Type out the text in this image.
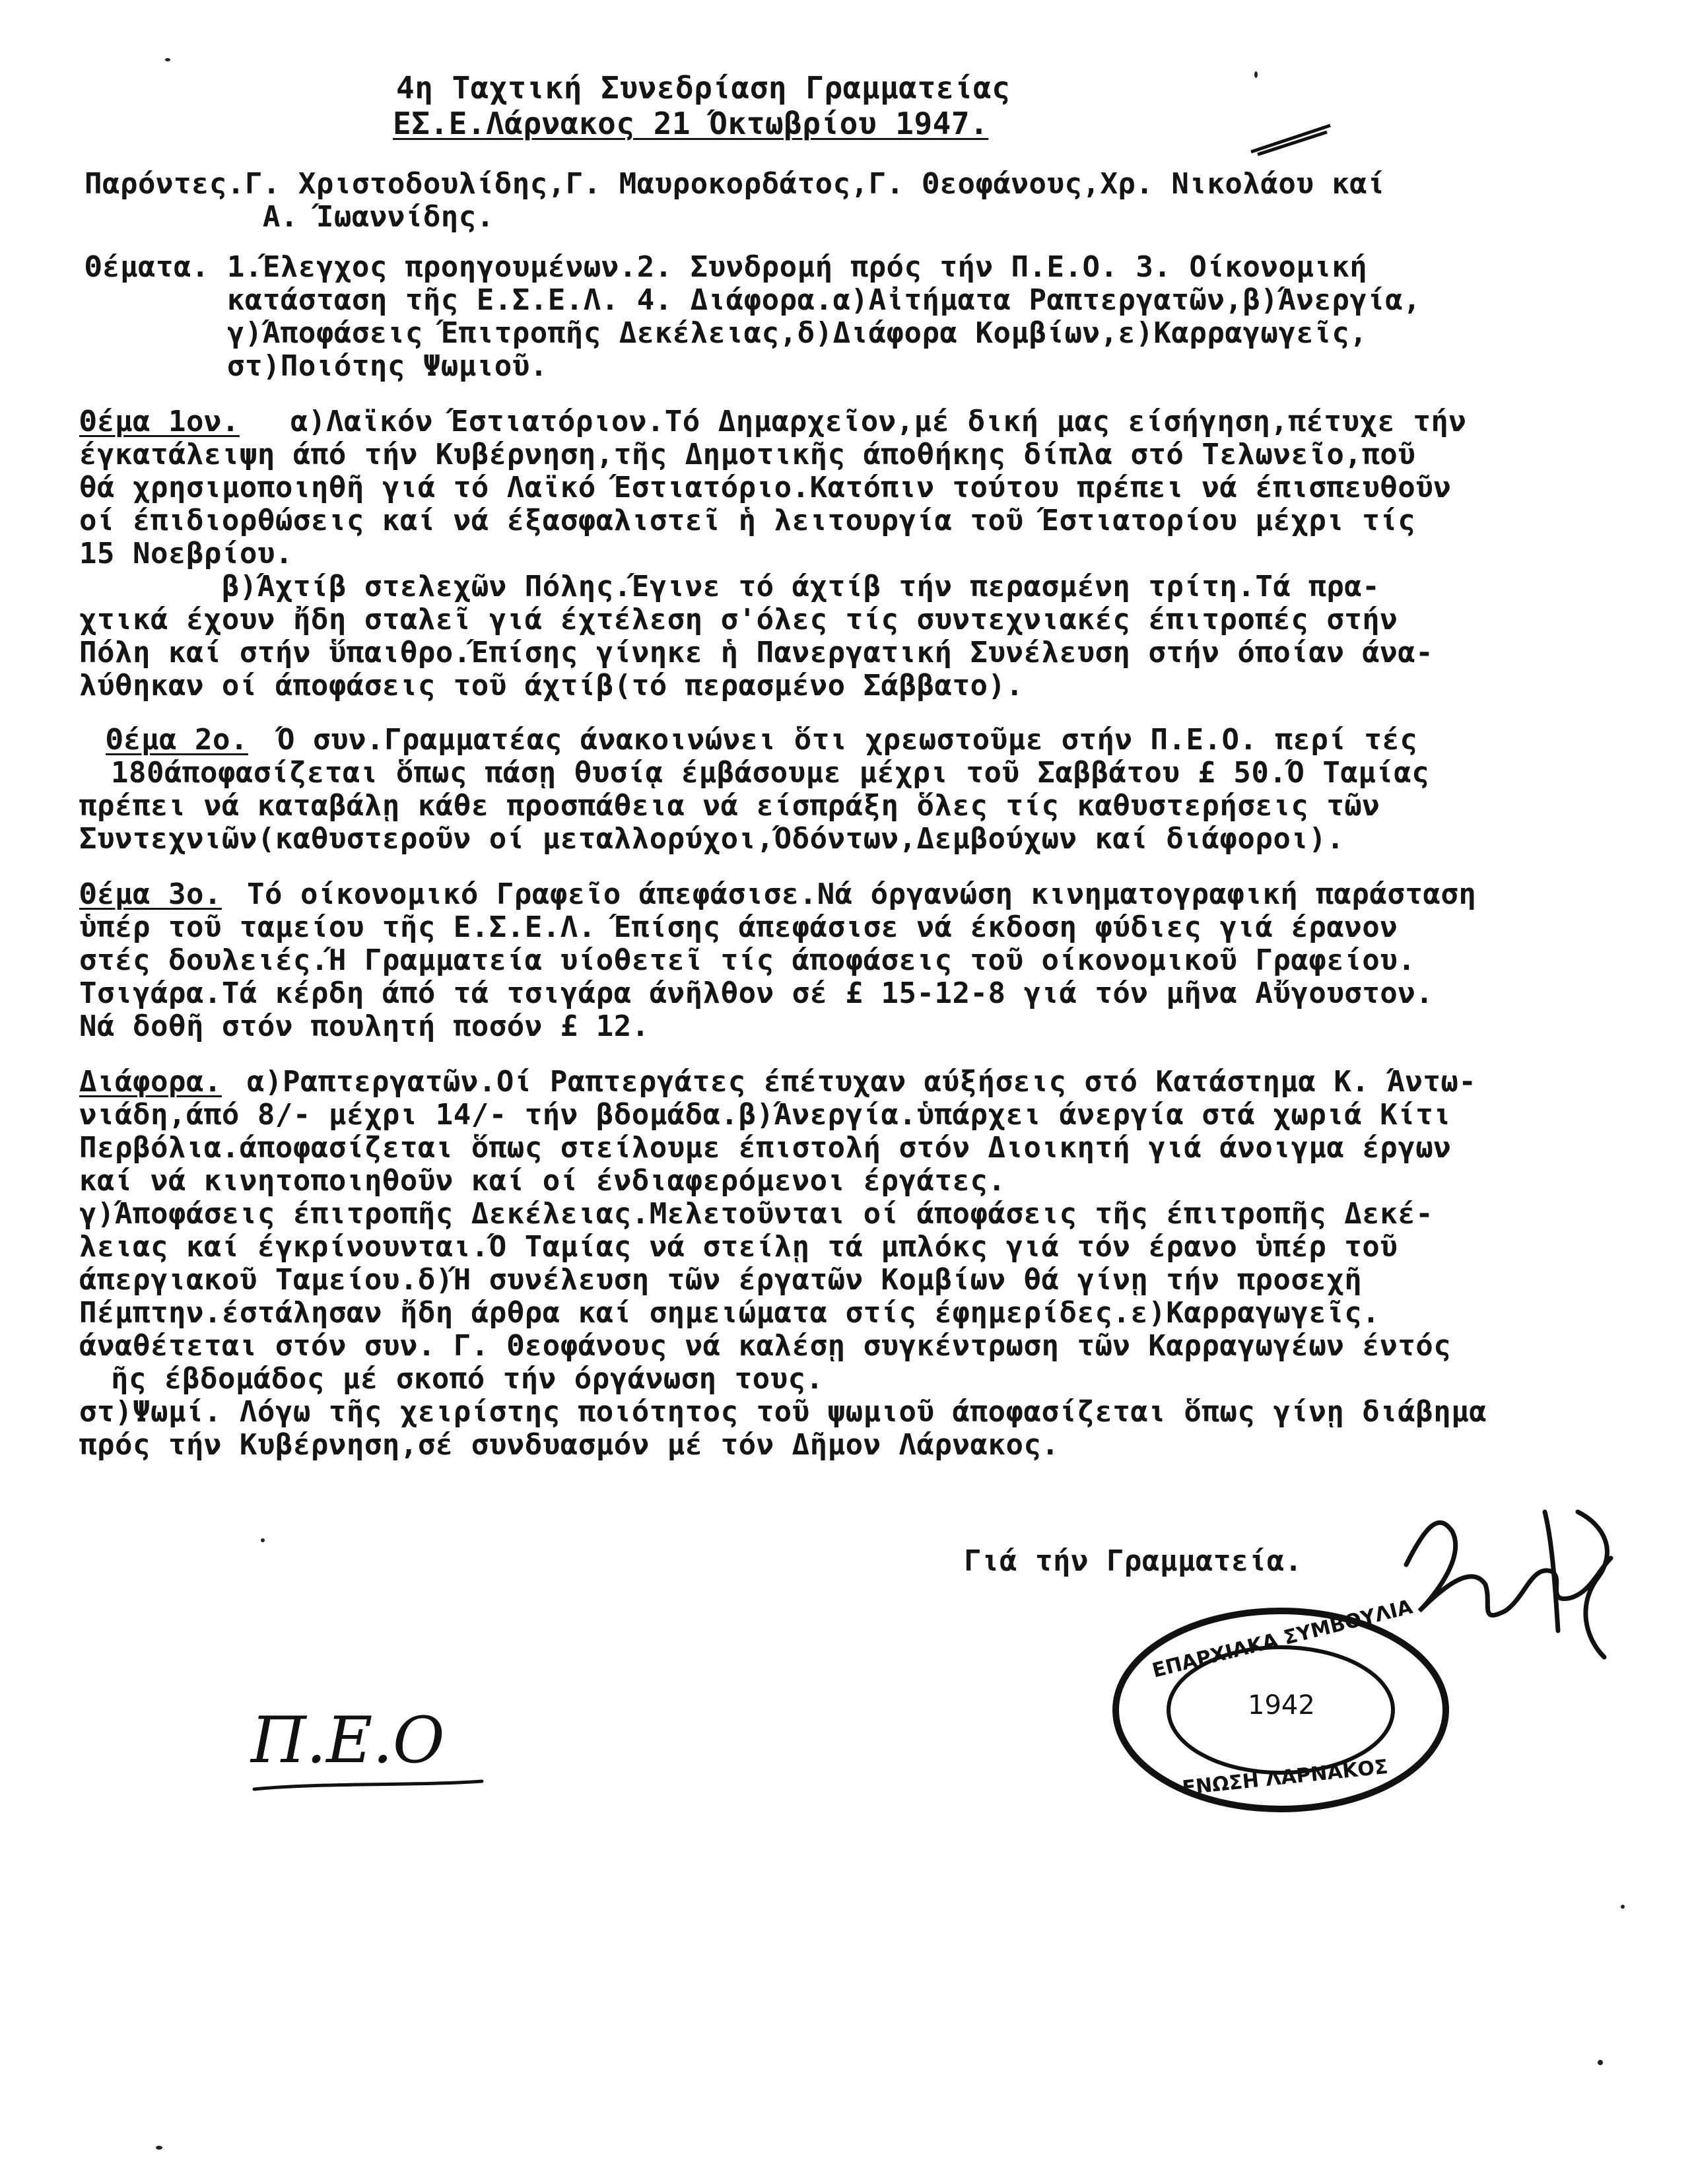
4η Ταχτική Συνεδρίαση Γραμματείας
ΕΣ.Ε.Λάρνακος 21 Όκτωβρίου 1947.
Παρόντες.Γ. Χριστοδουλίδης,Γ. Μαυροκορδάτος,Γ. Θεοφάνους,Χρ. Νικολάου καί
Α. Ίωαννίδης.
Θέματα. 1.Έλεγχος προηγουμένων.2. Συνδρομή πρός τήν Π.Ε.Ο. 3. Οίκονομική
κατάσταση τῆς Ε.Σ.Ε.Λ. 4. Διάφορα.α)Αἰτήματα Ραπτεργατῶν,β)Άνεργία,
γ)Άποφάσεις Έπιτροπῆς Δεκέλειας,δ)Διάφορα Κομβίων,ε)Καρραγωγεῖς,
στ)Ποιότης Ψωμιοῦ.
Θέμα 1ον. α)Λαϊκόν Έστιατόριον.Τό Δημαρχεῖον,μέ δική μας είσήγηση,πέτυχε τήν
έγκατάλειψη άπό τήν Κυβέρνηση,τῆς Δημοτικῆς άποθήκης δίπλα στό Τελωνεῖο,ποῦ
θά χρησιμοποιηθῆ γιά τό Λαϊκό Έστιατόριο.Κατόπιν τούτου πρέπει νά έπισπευθοῦν
οί έπιδιορθώσεις καί νά έξασφαλιστεῖ ἡ λειτουργία τοῦ Έστιατορίου μέχρι τίς
15 Νοεβρίου.
β)Άχτίβ στελεχῶν Πόλης.Έγινε τό άχτίβ τήν περασμένη τρίτη.Τά πρα-
χτικά έχουν ἤδη σταλεῖ γιά έχτέλεση σ'όλες τίς συντεχνιακές έπιτροπές στήν
Πόλη καί στήν ὕπαιθρο.Έπίσης γίνηκε ἡ Πανεργατική Συνέλευση στήν όποίαν άνα-
λύθηκαν οί άποφάσεις τοῦ άχτίβ(τό περασμένο Σάββατο).
Θέμα 2ο. Ό συν.Γραμματέας άνακοινώνει ὅτι χρεωστοῦμε στήν Π.Ε.Ο. περί τές
180άποφασίζεται ὅπως πάσῃ θυσίᾳ έμβάσουμε μέχρι τοῦ Σαββάτου £ 50.Ό Ταμίας
πρέπει νά καταβάλῃ κάθε προσπάθεια νά είσπράξη ὅλες τίς καθυστερήσεις τῶν
Συντεχνιῶν(καθυστεροῦν οί μεταλλορύχοι,Όδόντων,Δεμβούχων καί διάφοροι).
Θέμα 3ο. Τό οίκονομικό Γραφεῖο άπεφάσισε.Νά όργανώση κινηματογραφική παράσταση
ὑπέρ τοῦ ταμείου τῆς Ε.Σ.Ε.Λ. Έπίσης άπεφάσισε νά έκδοση φύδιες γιά έρανον
στές δουλειές.Ή Γραμματεία υίοθετεῖ τίς άποφάσεις τοῦ οίκονομικοῦ Γραφείου.
Τσιγάρα.Τά κέρδη άπό τά τσιγάρα άνῆλθον σέ £ 15-12-8 γιά τόν μῆνα Αὔγουστον.
Νά δοθῆ στόν πουλητή ποσόν £ 12.
Διάφορα. α)Ραπτεργατῶν.Οί Ραπτεργάτες έπέτυχαν αύξήσεις στό Κατάστημα Κ. Άντω-
νιάδη,άπό 8/- μέχρι 14/- τήν βδομάδα.β)Άνεργία.ὑπάρχει άνεργία στά χωριά Κίτι
Περβόλια.άποφασίζεται ὅπως στείλουμε έπιστολή στόν Διοικητή γιά άνοιγμα έργων
καί νά κινητοποιηθοῦν καί οί ένδιαφερόμενοι έργάτες.
γ)Άποφάσεις έπιτροπῆς Δεκέλειας.Μελετοῦνται οί άποφάσεις τῆς έπιτροπῆς Δεκέ-
λειας καί έγκρίνουνται.Ό Ταμίας νά στείλῃ τά μπλόκς γιά τόν έρανο ὑπέρ τοῦ
άπεργιακοῦ Ταμείου.δ)Ή συνέλευση τῶν έργατῶν Κομβίων θά γίνῃ τήν προσεχῆ
Πέμπτην.έστάλησαν ἤδη άρθρα καί σημειώματα στίς έφημερίδες.ε)Καρραγωγεῖς.
άναθέτεται στόν συν. Γ. Θεοφάνους νά καλέσῃ συγκέντρωση τῶν Καρραγωγέων έντός
ῆς έβδομάδος μέ σκοπό τήν όργάνωση τους.
στ)Ψωμί. Λόγω τῆς χειρίστης ποιότητος τοῦ ψωμιοῦ άποφασίζεται ὅπως γίνῃ διάβημα
πρός τήν Κυβέρνηση,σέ συνδυασμόν μέ τόν Δῆμον Λάρνακος.
Γιά τήν Γραμματεία.
ΕΠΑΡΧΙΑΚΑ ΣΥΜΒΟΥΛΙΑ
1942
ΕΝΩΣΗ ΛΑΡΝΑΚΟΣ
Π.Ε.Ο
